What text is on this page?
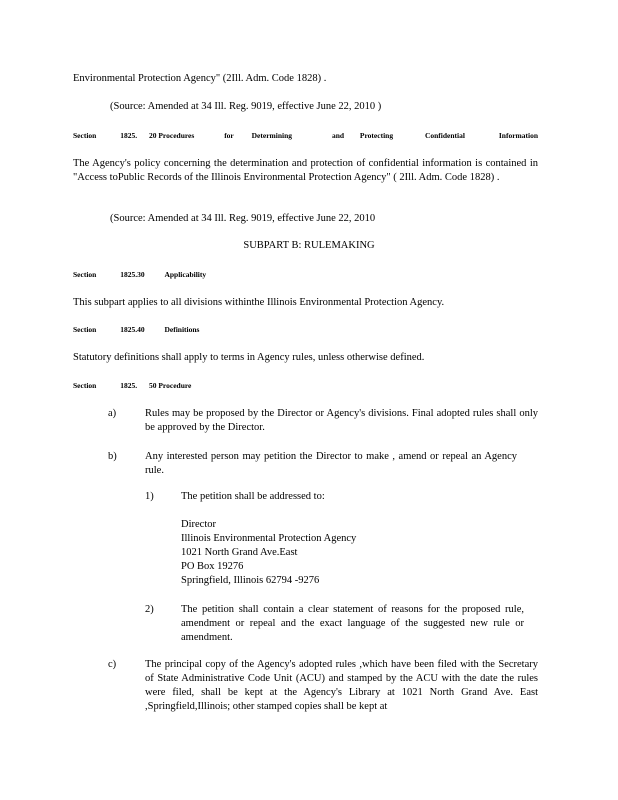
Environmental Protection Agency" (2Ill. Adm. Code 1828) .

(Source: Amended at 34 Ill. Reg. 9019, effective June 22, 2010 )

Section	1825. 20 Procedures	for Determining	and Protecting	Confidential	Information

The Agency's policy concerning the determination and protection of confidential information is contained in "Access toPublic Records of the Illinois Environmental Protection Agency" ( 2Ill. Adm. Code 1828) .

(Source: Amended at 34 Ill. Reg. 9019, effective June 22, 2010

SUBPART B: RULEMAKING

Section	1825.30	Applicability

This subpart applies to all divisions withinthe Illinois Environmental Protection Agency.

Section	1825.40	Definitions

Statutory definitions shall apply to terms in Agency rules, unless otherwise defined.

Section	1825. 50 Procedure

a)	Rules may be proposed by the Director or Agency's divisions. Final adopted rules shall only be approved by the Director.

b)	Any interested person may petition the Director to make , amend or repeal an Agency rule.

1)	The petition shall be addressed to:

Director
Illinois Environmental Protection Agency
1021 North Grand Ave.East
PO Box 19276
Springfield, Illinois 62794 -9276

2)	The petition shall contain a clear statement of reasons for the proposed rule, amendment or repeal and the exact language of the suggested new rule or amendment.

c)	The principal copy of the Agency's adopted rules ,which have been filed with the Secretary of State Administrative Code Unit (ACU) and stamped by the ACU with the date the rules were filed, shall be kept at the Agency's Library at 1021 North Grand Ave. East ,Springfield,Illinois; other stamped copies shall be kept at
